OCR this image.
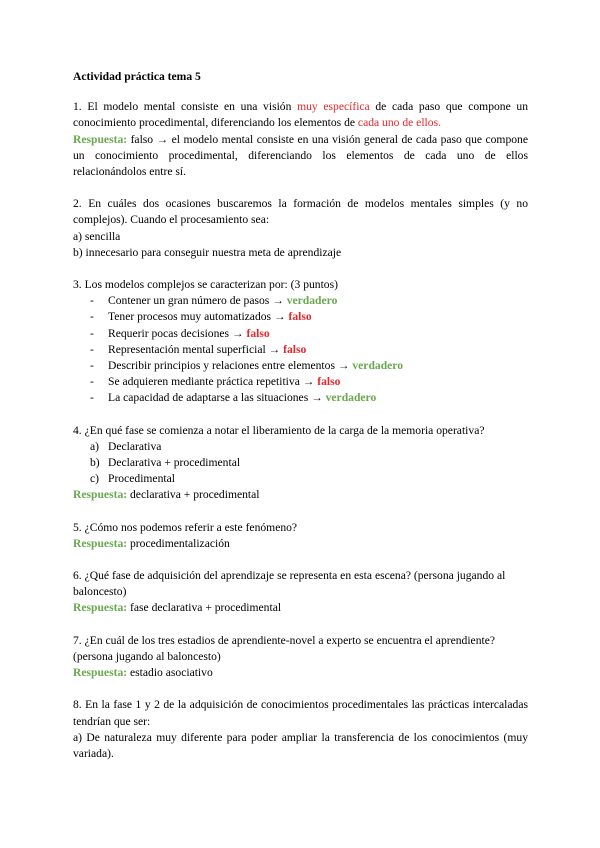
Actividad práctica tema 5

1. El modelo mental consiste en una visión muy específica de cada paso que compone un conocimiento procedimental, diferenciando los elementos de cada uno de ellos.

Respuesta: falso → el modelo mental consiste en una visión general de cada paso que compone un conocimiento procedimental, diferenciando los elementos de cada uno de ellos relacionándolos entre sí.

2. En cuáles dos ocasiones buscaremos la formación de modelos mentales simples (y no complejos). Cuando el procesamiento sea:

a) sencilla

b) innecesario para conseguir nuestra meta de aprendizaje

3. Los modelos complejos se caracterizan por: (3 puntos)

- Contener un gran número de pasos → verdadero
- Tener procesos muy automatizados → falso
- Requerir pocas decisiones → falso
- Representación mental superficial → falso
- Describir principios y relaciones entre elementos → verdadero
- Se adquieren mediante práctica repetitiva → falso
- La capacidad de adaptarse a las situaciones → verdadero

4. ¿En qué fase se comienza a notar el liberamiento de la carga de la memoria operativa?

a) Declarativa
b) Declarativa + procedimental
c) Procedimental

Respuesta: declarativa + procedimental

5. ¿Cómo nos podemos referir a este fenómeno?

Respuesta: procedimentalización

6. ¿Qué fase de adquisición del aprendizaje se representa en esta escena? (persona jugando al baloncesto)

Respuesta: fase declarativa + procedimental

7. ¿En cuál de los tres estadios de aprendiente-novel a experto se encuentra el aprendiente? (persona jugando al baloncesto)

Respuesta: estadio asociativo

8. En la fase 1 y 2 de la adquisición de conocimientos procedimentales las prácticas intercaladas tendrían que ser:

a) De naturaleza muy diferente para poder ampliar la transferencia de los conocimientos (muy variada).
